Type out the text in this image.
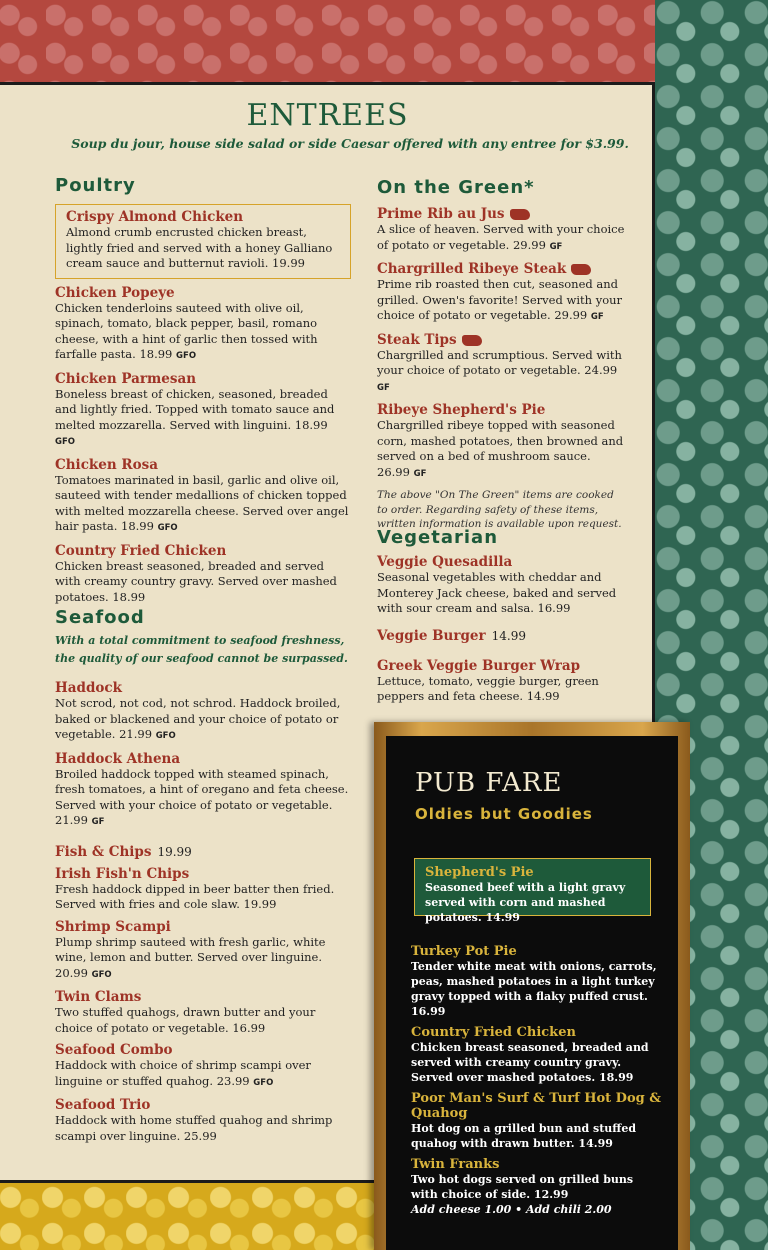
ENTREES
Soup du jour, house side salad or side Caesar offered with any entree for $3.99.
Poultry
Crispy Almond Chicken
Almond crumb encrusted chicken breast, lightly fried and served with a honey Galliano cream sauce and butternut ravioli. 19.99
Chicken Popeye
Chicken tenderloins sauteed with olive oil, spinach, tomato, black pepper, basil, romano cheese, with a hint of garlic then tossed with farfalle pasta. 18.99 GFO
Chicken Parmesan
Boneless breast of chicken, seasoned, breaded and lightly fried. Topped with tomato sauce and melted mozzarella. Served with linguini. 18.99 GFO
Chicken Rosa
Tomatoes marinated in basil, garlic and olive oil, sauteed with tender medallions of chicken topped with melted mozzarella cheese. Served over angel hair pasta. 18.99 GFO
Country Fried Chicken
Chicken breast seasoned, breaded and served with creamy country gravy. Served over mashed potatoes. 18.99
Seafood
With a total commitment to seafood freshness, the quality of our seafood cannot be surpassed.
Haddock
Not scrod, not cod, not schrod. Haddock broiled, baked or blackened and your choice of potato or vegetable. 21.99 GFO
Haddock Athena
Broiled haddock topped with steamed spinach, fresh tomatoes, a hint of oregano and feta cheese. Served with your choice of potato or vegetable. 21.99 GF
Fish & Chips 19.99
Irish Fish'n Chips
Fresh haddock dipped in beer batter then fried. Served with fries and cole slaw. 19.99
Shrimp Scampi
Plump shrimp sauteed with fresh garlic, white wine, lemon and butter. Served over linguine. 20.99 GFO
Twin Clams
Two stuffed quahogs, drawn butter and your choice of potato or vegetable. 16.99
Seafood Combo
Haddock with choice of shrimp scampi over linguine or stuffed quahog. 23.99 GFO
Seafood Trio
Haddock with home stuffed quahog and shrimp scampi over linguine. 25.99
On the Green*
Prime Rib au Jus
A slice of heaven. Served with your choice of potato or vegetable. 29.99 GF
Chargrilled Ribeye Steak
Prime rib roasted then cut, seasoned and grilled. Owen's favorite! Served with your choice of potato or vegetable. 29.99 GF
Steak Tips
Chargrilled and scrumptious. Served with your choice of potato or vegetable. 24.99 GF
Ribeye Shepherd's Pie
Chargrilled ribeye topped with seasoned corn, mashed potatoes, then browned and served on a bed of mushroom sauce. 26.99 GF
The above "On The Green" items are cooked to order. Regarding safety of these items, written information is available upon request.
Vegetarian
Veggie Quesadilla
Seasonal vegetables with cheddar and Monterey Jack cheese, baked and served with sour cream and salsa. 16.99
Veggie Burger 14.99
Greek Veggie Burger Wrap
Lettuce, tomato, veggie burger, green peppers and feta cheese. 14.99
PUB FARE
Oldies but Goodies
Shepherd's Pie
Seasoned beef with a light gravy served with corn and mashed potatoes. 14.99
Turkey Pot Pie
Tender white meat with onions, carrots, peas, mashed potatoes in a light turkey gravy topped with a flaky puffed crust. 16.99
Country Fried Chicken
Chicken breast seasoned, breaded and served with creamy country gravy. Served over mashed potatoes. 18.99
Poor Man's Surf & Turf Hot Dog & Quahog
Hot dog on a grilled bun and stuffed quahog with drawn butter. 14.99
Twin Franks
Two hot dogs served on grilled buns with choice of side. 12.99
Add cheese 1.00 • Add chili 2.00
